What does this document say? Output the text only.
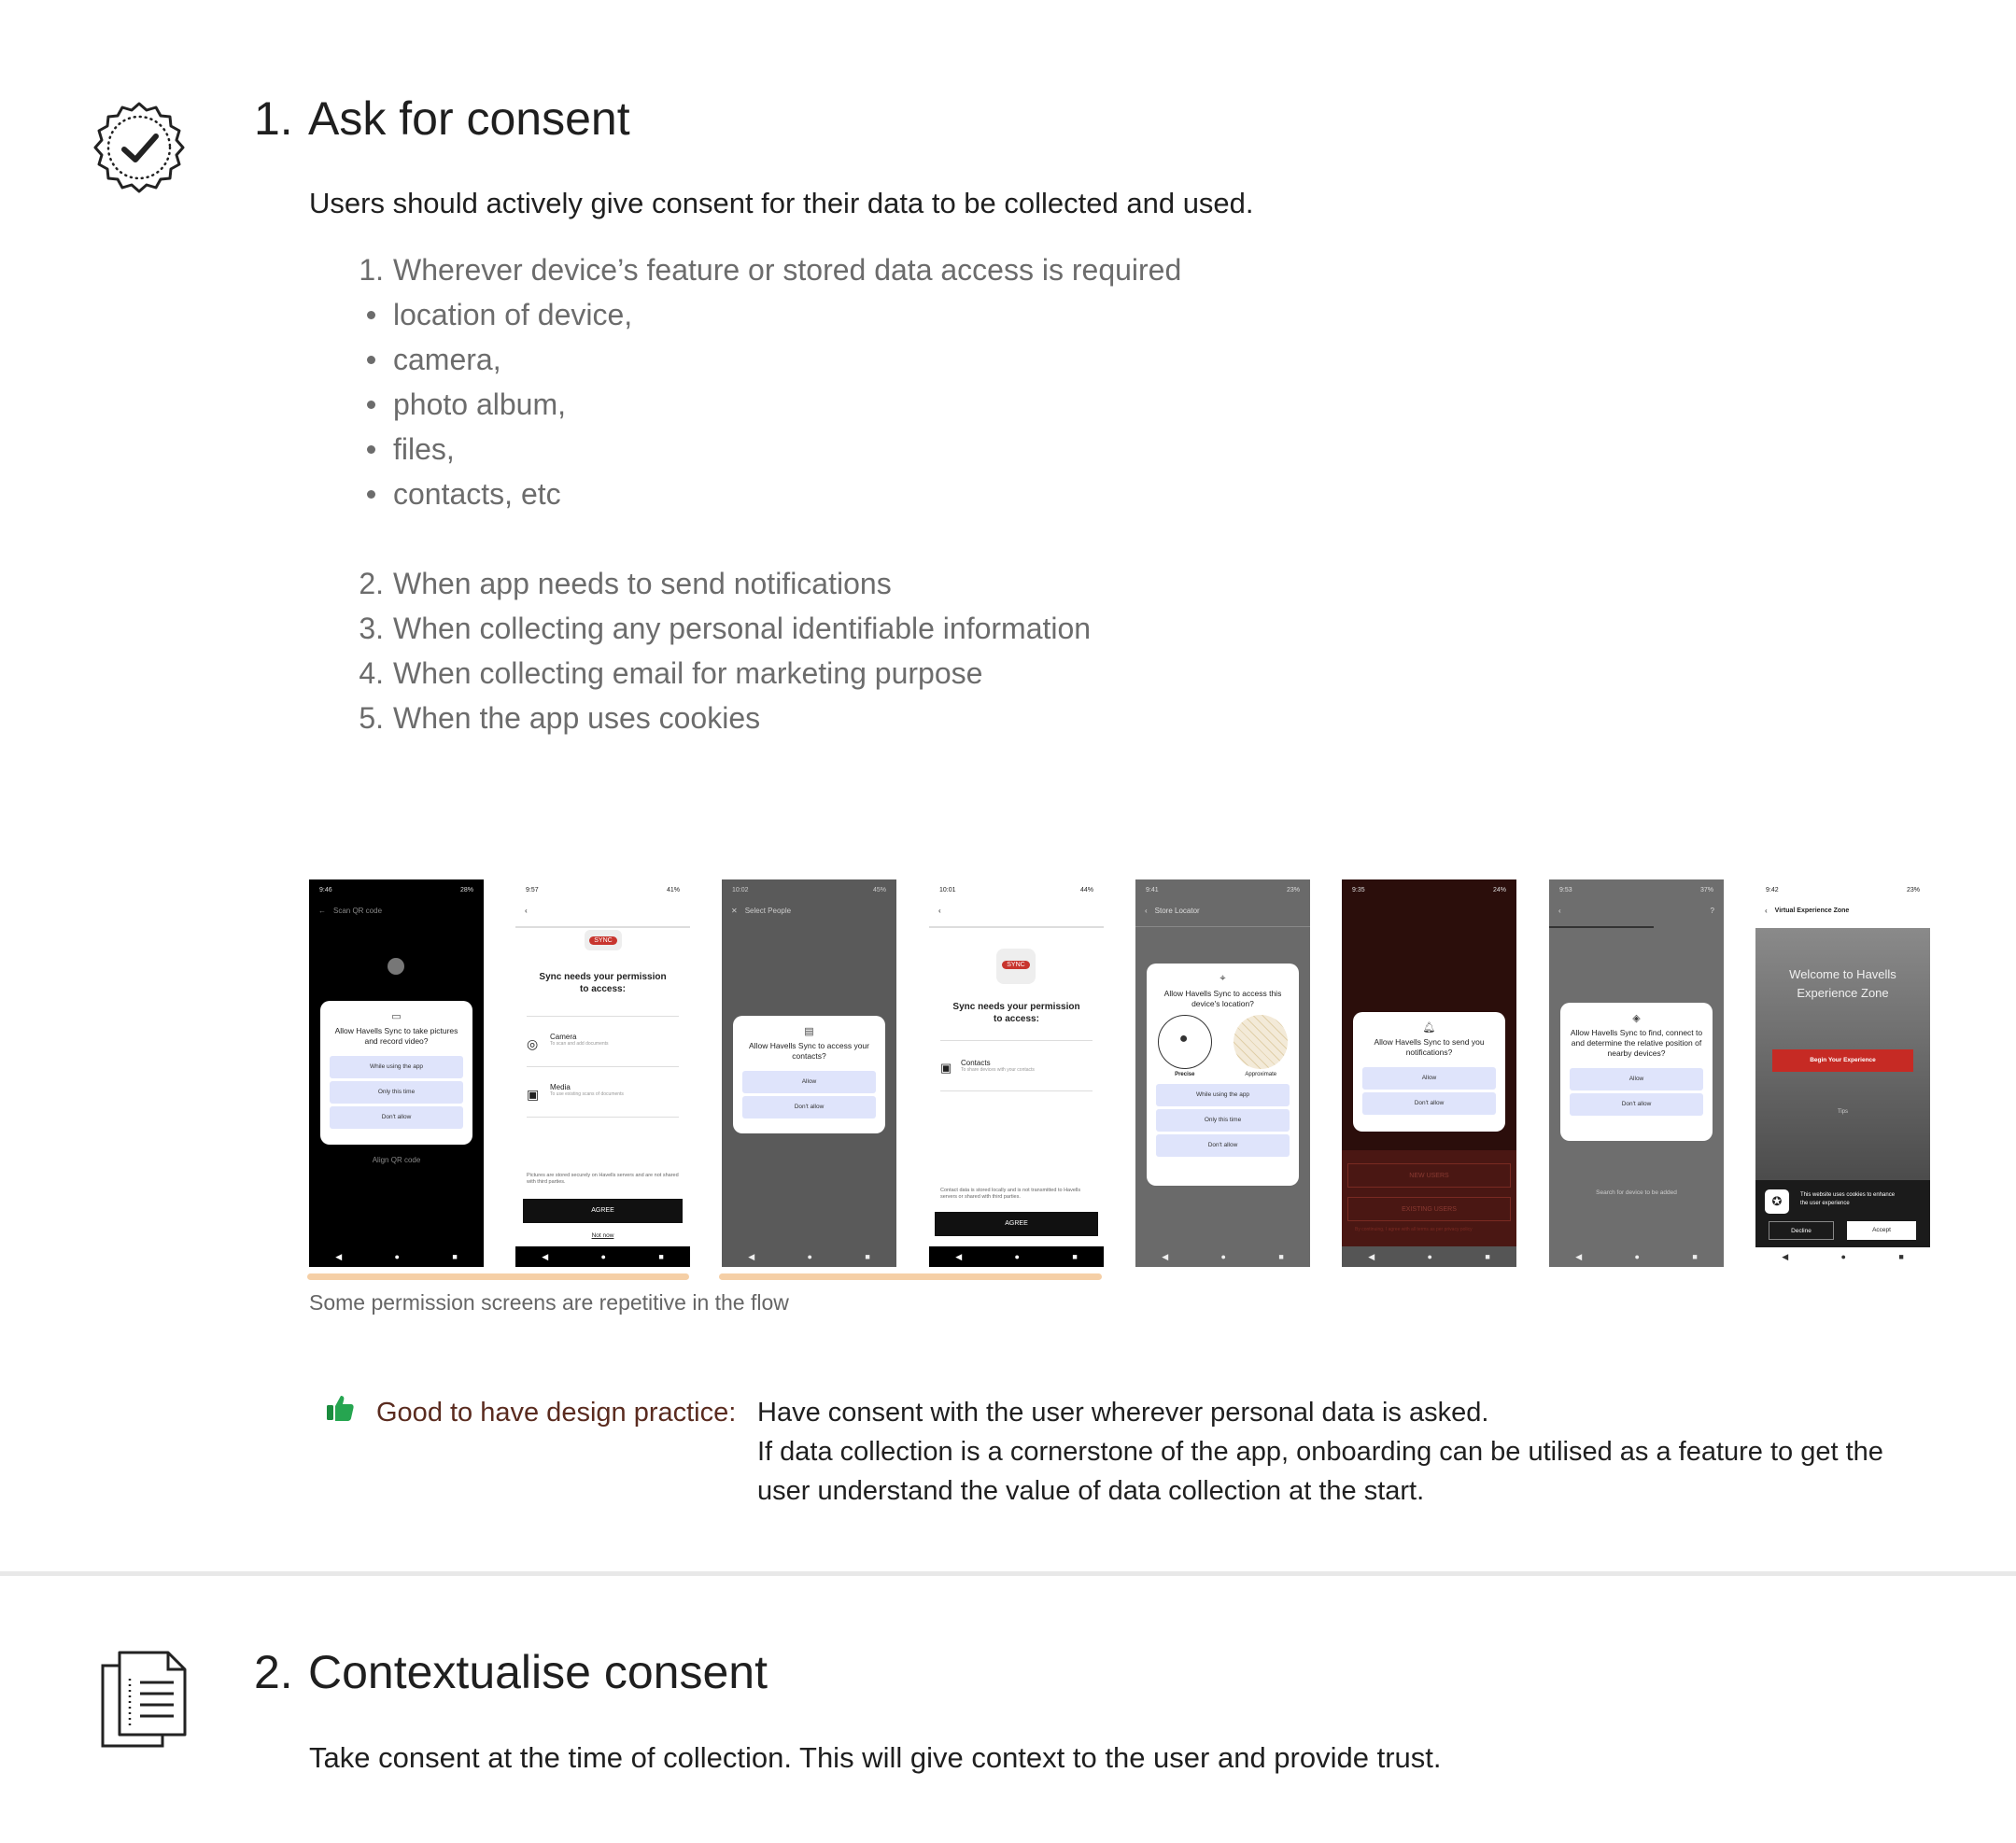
1. Ask for consent
Users should actively give consent for their data to be collected and used.
1. Wherever device’s feature or stored data access is required
location of device,
camera,
photo album,
files,
contacts, etc
2. When app needs to send notifications
3. When collecting any personal identifiable information
4. When collecting email for marketing purpose
5. When the app uses cookies
9:46	28%
← Scan QR code
▭
Allow Havells Sync to take pictures and record video?
While using the app
Only this time
Don't allow
Align QR code
◀	●	■
9:57	41%
‹
SYNC
Sync needs your permission to access:
◎ Camera
To scan and add documents
▣ Media
To use existing scans of documents
Pictures are stored securely on Havells servers and are not shared with third parties.
AGREE
Not now
◀	●	■
10:02	45%
✕ Select People
▤
Allow Havells Sync to access your contacts?
Allow
Don't allow
◀	●	■
10:01	44%
‹
SYNC
Sync needs your permission to access:
▣ Contacts
To share devices with your contacts
Contact data is stored locally and is not transmitted to Havells servers or shared with third parties.
AGREE
◀	●	■
9:41	23%
‹ Store Locator
⌖
Allow Havells Sync to access this device's location?
●
Precise	Approximate
While using the app
Only this time
Don't allow
◀	●	■
9:35	24%
🔔︎
Allow Havells Sync to send you notifications?
Allow
Don't allow
NEW USERS
EXISTING USERS
By continuing, I agree with all terms as per privacy policy
◀	●	■
9:53	37%
‹	?
◈
Allow Havells Sync to find, connect to and determine the relative position of nearby devices?
Allow
Don't allow
Search for device to be added
◀	●	■
9:42	23%
‹ Virtual Experience Zone
Welcome to Havells Experience Zone
Begin Your Experience
Tips
✪	This website uses cookies to enhance the user experience
Decline	Accept
◀	●	■
Some permission screens are repetitive in the flow
Good to have design practice: Have consent with the user wherever personal data is asked.
If data collection is a cornerstone of the app, onboarding can be utilised as a feature to get the
user understand the value of data collection at the start.
2. Contextualise consent
Take consent at the time of collection. This will give context to the user and provide trust.
